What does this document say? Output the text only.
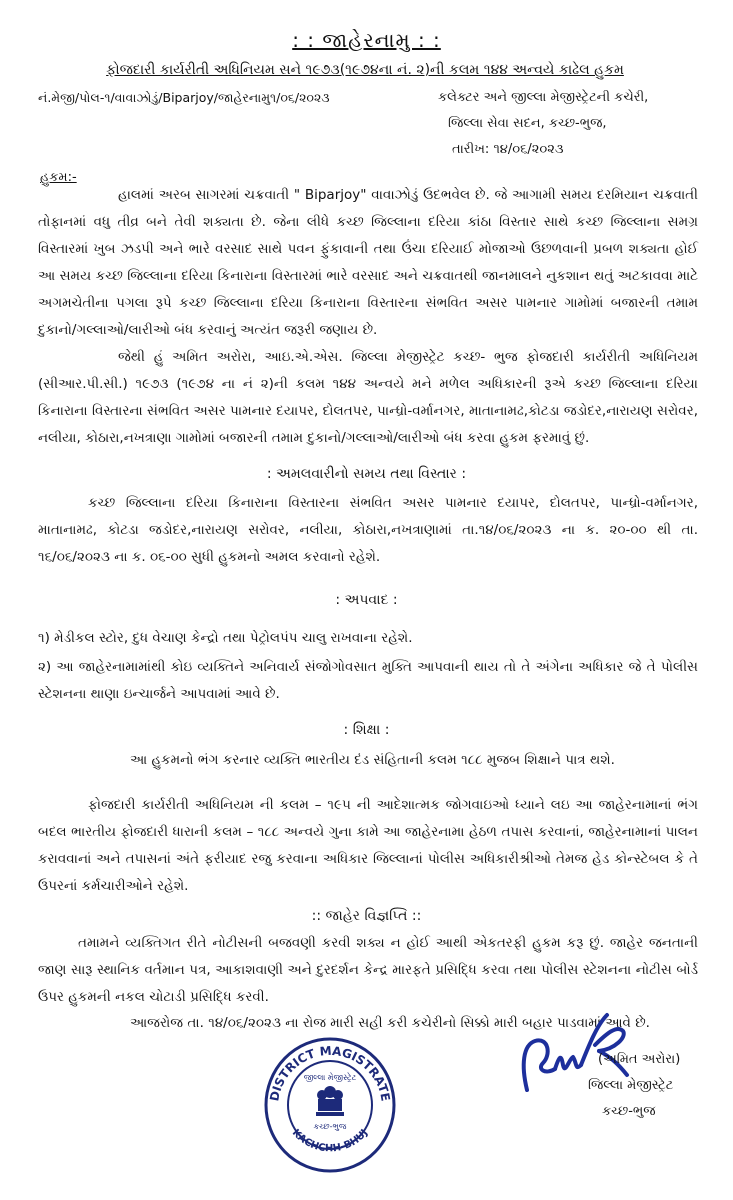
: : જાહેરનામુ : :
ફોજદારી કાર્યરીતી અધિનિયમ સને ૧૯૭૩(૧૯૭૪ના નં. ૨)ની કલમ ૧૪૪ અન્વયે કાઢેલ હુકમ
નં.મેજી/પોલ-૧/વાવાઝોડું/Biparjoy/જાહેરનામુ૧/૦૬/૨૦૨૩	કલેક્ટર અને જીલ્લા મેજીસ્ટ્રેટની કચેરી,
જિલ્લા સેવા સદન, કચ્છ-ભુજ,
તારીખ: ૧૪/૦૬/૨૦૨૩
હુકમ:-

હાલમાં અરબ સાગરમાં ચક્રવાતી " Biparjoy" વાવાઝોડું ઉદભવેલ છે. જે આગામી સમય દરમિયાન ચક્રવાતી તોફાનમાં વધુ તીવ્ર બને તેવી શક્યતા છે. જેના લીધે કચ્છ જિલ્લાના દરિયા કાંઠા વિસ્તાર સાથે કચ્છ જિલ્લાના સમગ્ર વિસ્તારમાં ખુબ ઝડપી અને ભારે વરસાદ સાથે પવન ફુંકાવાની તથા ઉંચા દરિયાઈ મોજાઓ ઉછળવાની પ્રબળ શક્યતા હોઈ આ સમય કચ્છ જિલ્લાના દરિયા કિનારાના વિસ્તારમાં ભારે વરસાદ અને ચક્રવાતથી જાનમાલને નુકશાન થતું અટકાવવા માટે અગમચેતીના પગલા રૂપે કચ્છ જિલ્લાના દરિયા કિનારાના વિસ્તારના સંભવિત અસર પામનાર ગામોમાં બજારની તમામ દુકાનો/ગલ્લાઓ/લારીઓ બંધ કરવાનું અત્યંત જરૂરી જણાય છે.

જેથી હું અમિત અરોરા, આઇ.એ.એસ. જિલ્લા મેજીસ્ટ્રેટ કચ્છ- ભુજ ફોજદારી કાર્યરીતી અધિનિયમ (સીઆર.પી.સી.) ૧૯૭૩ (૧૯૭૪ ના નં ૨)ની કલમ ૧૪૪ અન્વયે મને મળેલ અધિકારની રૂએ કચ્છ જિલ્લાના દરિયા કિનારાના વિસ્તારના સંભવિત અસર પામનાર દયાપર, દોલતપર, પાન્ધ્રો-વર્માનગર, માતાનામઢ,કોટડા જડોદર,નારાયણ સરોવર, નલીયા, કોઠારા,નખત્રાણા ગામોમાં બજારની તમામ દુકાનો/ગલ્લાઓ/લારીઓ બંધ કરવા હુકમ ફરમાવું છું.

: અમલવારીનો સમય તથા વિસ્તાર :

કચ્છ જિલ્લાના દરિયા કિનારાના વિસ્તારના સંભવિત અસર પામનાર દયાપર, દોલતપર, પાન્ધ્રો-વર્માનગર, માતાનામઢ, કોટડા જડોદર,નારાયણ સરોવર, નલીયા, કોઠારા,નખત્રાણામાં તા.૧૪/૦૬/૨૦૨૩ ના ક. ૨૦-૦૦ થી તા. ૧૬/૦૬/૨૦૨૩ ના ક. ૦૬-૦૦ સુધી હુકમનો અમલ કરવાનો રહેશે.

: અપવાદ :
૧) મેડીકલ સ્ટોર, દુધ વેચાણ કેન્દ્રો તથા પેટ્રોલપંપ ચાલુ રાખવાના રહેશે.

૨) આ જાહેરનામામાંથી કોઇ વ્યક્તિને અનિવાર્ય સંજોગોવસાત મુક્તિ આપવાની થાય તો તે અંગેના અધિકાર જે તે પોલીસ સ્ટેશનના થાણા ઇન્ચાર્જને આપવામાં આવે છે.

: શિક્ષા :
આ હુકમનો ભંગ કરનાર વ્યક્તિ ભારતીય દંડ સંહિતાની કલમ ૧૮૮ મુજબ શિક્ષાને પાત્ર થશે.

ફોજદારી કાર્યરીતી અધિનિયમ ની કલમ – ૧૯૫ ની આદેશાત્મક જોગવાઇઓ ધ્યાને લઇ આ જાહેરનામાનાં ભંગ બદલ ભારતીય ફોજદારી ધારાની કલમ – ૧૮૮ અન્વયે ગુના કામે આ જાહેરનામા હેઠળ તપાસ કરવાનાં, જાહેરનામાનાં પાલન કરાવવાનાં અને તપાસનાં અંતે ફરીયાદ રજુ કરવાના અધિકાર જિલ્લાનાં પોલીસ અધિકારીશ્રીઓ તેમજ હેડ કોન્સ્ટેબલ કે તે ઉપરનાં કર્મચારીઓને રહેશે.

:: જાહેર વિજ્ઞપ્તિ ::

તમામને વ્યક્તિગત રીતે નોટીસની બજવણી કરવી શક્ય ન હોઈ આથી એકતરફી હુકમ કરૂ છું. જાહેર જનતાની જાણ સારૂ સ્થાનિક વર્તમાન પત્ર, આકાશવાણી અને દુરદર્શન કેન્દ્ર મારફતે પ્રસિદ્ધિ કરવા તથા પોલીસ સ્ટેશનના નોટીસ બોર્ડ ઉપર હુકમની નકલ ચોટાડી પ્રસિદ્ધિ કરવી.

આજરોજ તા. ૧૪/૦૬/૨૦૨૩ ના રોજ મારી સહી કરી કચેરીનો સિક્કો મારી બહાર પાડવામાં આવે છે.
DISTRICT MAGISTRATE
KACHCHH-BHUJ
જીલ્લા મેજીસ્ટ્રેટ
કચ્છ-ભુજ
(અમિત અરોરા)
જિલ્લા મેજીસ્ટ્રેટ
કચ્છ-ભુજ
